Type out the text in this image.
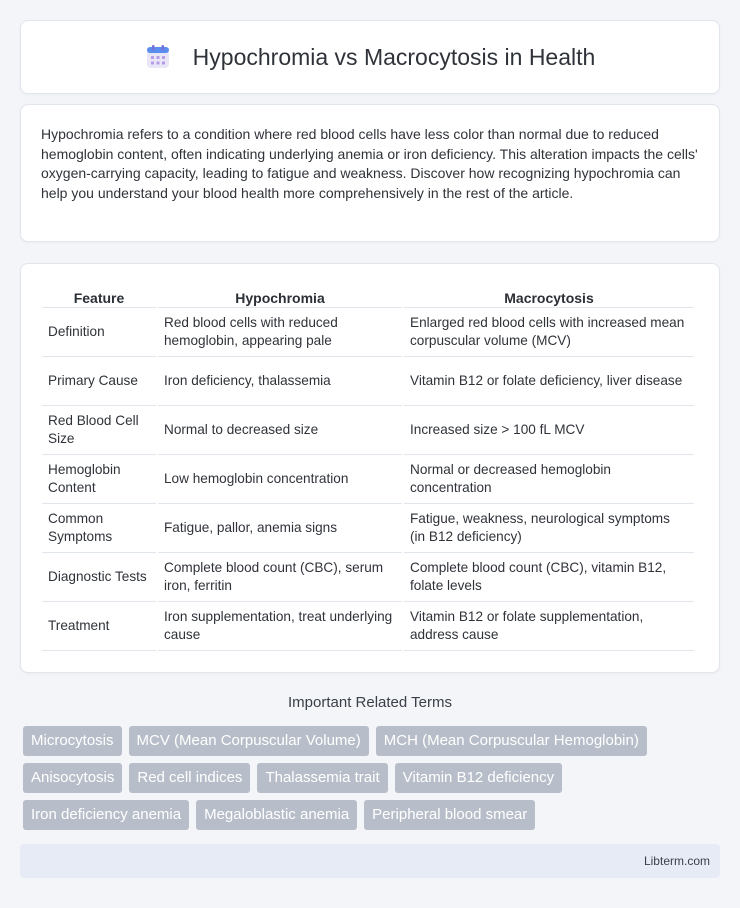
Hypochromia vs Macrocytosis in Health

Hypochromia refers to a condition where red blood cells have less color than normal due to reduced hemoglobin content, often indicating underlying anemia or iron deficiency. This alteration impacts the cells' oxygen-carrying capacity, leading to fatigue and weakness. Discover how recognizing hypochromia can help you understand your blood health more comprehensively in the rest of the article.

Feature	Hypochromia	Macrocytosis
Definition	Red blood cells with reduced hemoglobin, appearing pale	Enlarged red blood cells with increased mean corpuscular volume (MCV)
Primary Cause	Iron deficiency, thalassemia	Vitamin B12 or folate deficiency, liver disease
Red Blood Cell Size	Normal to decreased size	Increased size > 100 fL MCV
Hemoglobin Content	Low hemoglobin concentration	Normal or decreased hemoglobin concentration
Common Symptoms	Fatigue, pallor, anemia signs	Fatigue, weakness, neurological symptoms (in B12 deficiency)
Diagnostic Tests	Complete blood count (CBC), serum iron, ferritin	Complete blood count (CBC), vitamin B12, folate levels
Treatment	Iron supplementation, treat underlying cause	Vitamin B12 or folate supplementation, address cause
Important Related Terms
Microcytosis	MCV (Mean Corpuscular Volume)	MCH (Mean Corpuscular Hemoglobin)
Anisocytosis	Red cell indices	Thalassemia trait	Vitamin B12 deficiency
Iron deficiency anemia	Megaloblastic anemia	Peripheral blood smear
Libterm.com
